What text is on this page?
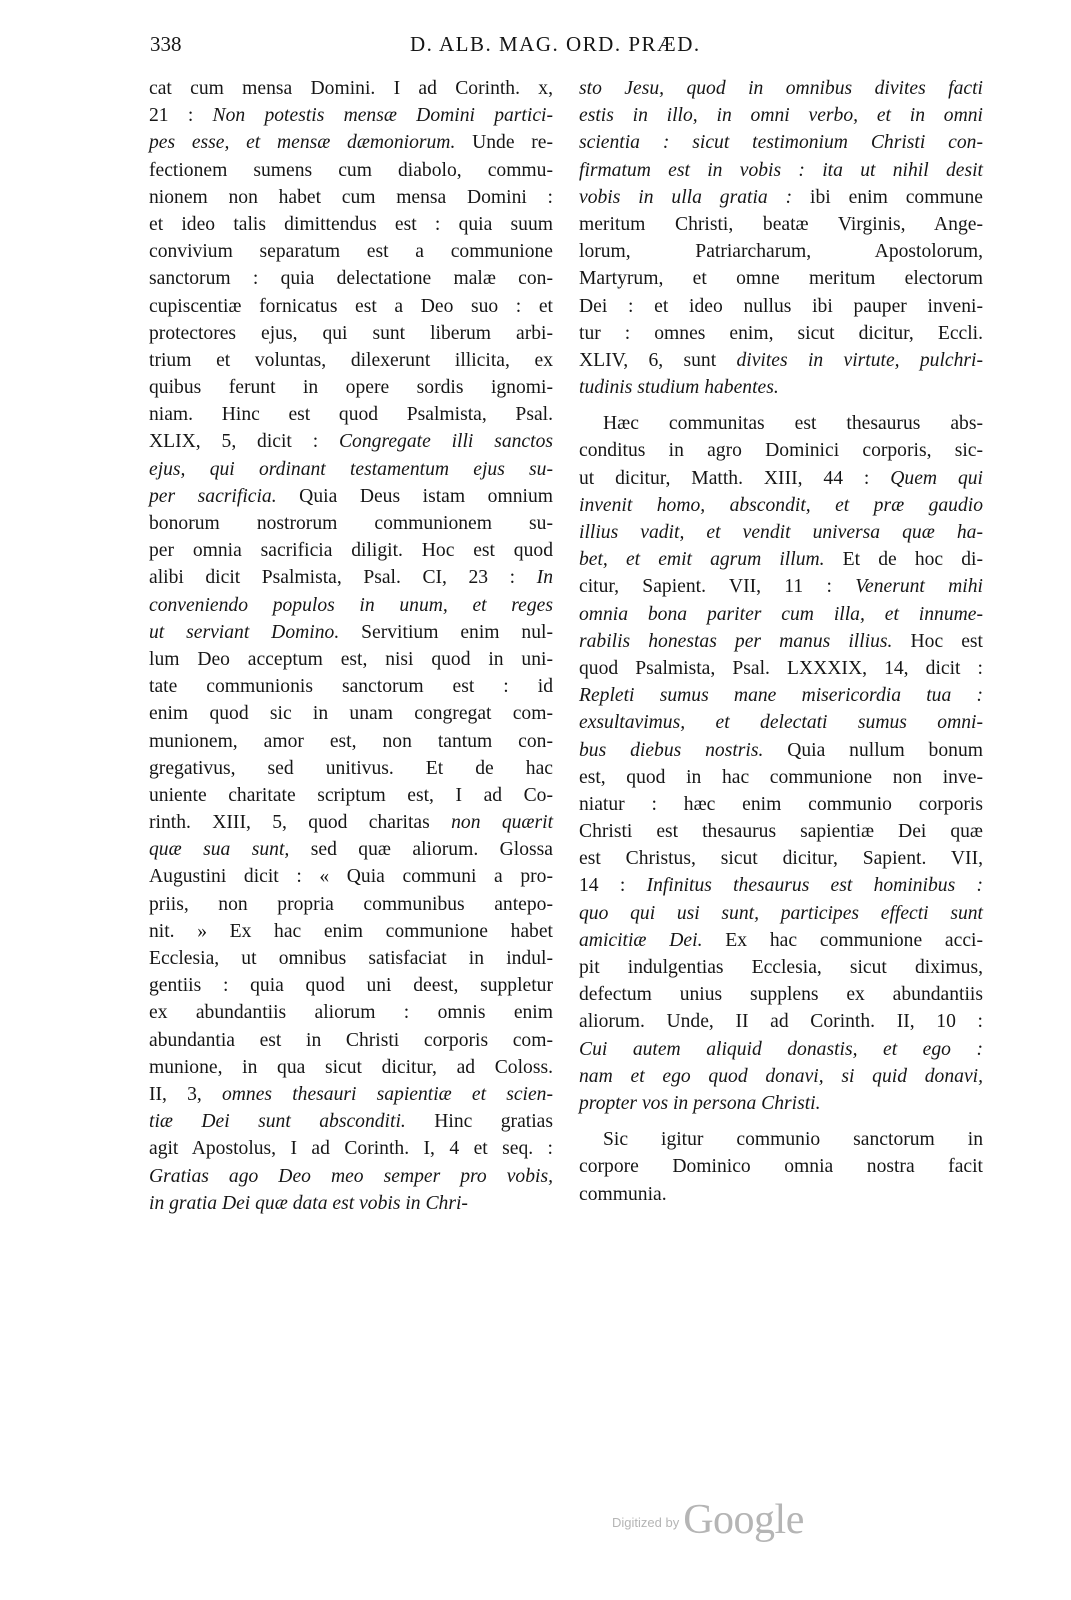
338	D. ALB. MAG. ORD. PRÆD.
cat cum mensa Domini. I ad Corinth. x,
21 : Non potestis mensæ Domini partici-
pes esse, et mensæ dæmoniorum. Unde re-
fectionem sumens cum diabolo, commu-
nionem non habet cum mensa Domini :
et ideo talis dimittendus est : quia suum
convivium separatum est a communione
sanctorum : quia delectatione malæ con-
cupiscentiæ fornicatus est a Deo suo : et
protectores ejus, qui sunt liberum arbi-
trium et voluntas, dilexerunt illicita, ex
quibus ferunt in opere sordis ignomi-
niam. Hinc est quod Psalmista, Psal.
XLIX, 5, dicit : Congregate illi sanctos
ejus, qui ordinant testamentum ejus su-
per sacrificia. Quia Deus istam omnium
bonorum nostrorum communionem su-
per omnia sacrificia diligit. Hoc est quod
alibi dicit Psalmista, Psal. CI, 23 : In
conveniendo populos in unum, et reges
ut serviant Domino. Servitium enim nul-
lum Deo acceptum est, nisi quod in uni-
tate communionis sanctorum est : id
enim quod sic in unam congregat com-
munionem, amor est, non tantum con-
gregativus, sed unitivus. Et de hac
uniente charitate scriptum est, I ad Co-
rinth. XIII, 5, quod charitas non quærit
quæ sua sunt, sed quæ aliorum. Glossa
Augustini dicit : « Quia communi a pro-
priis, non propria communibus antepo-
nit. » Ex hac enim communione habet
Ecclesia, ut omnibus satisfaciat in indul-
gentiis : quia quod uni deest, suppletur
ex abundantiis aliorum : omnis enim
abundantia est in Christi corporis com-
munione, in qua sicut dicitur, ad Coloss.
II, 3, omnes thesauri sapientiæ et scien-
tiæ Dei sunt absconditi. Hinc gratias
agit Apostolus, I ad Corinth. I, 4 et seq. :
Gratias ago Deo meo semper pro vobis,
in gratia Dei quæ data est vobis in Chri-
sto Jesu, quod in omnibus divites facti
estis in illo, in omni verbo, et in omni
scientia : sicut testimonium Christi con-
firmatum est in vobis : ita ut nihil desit
vobis in ulla gratia : ibi enim commune
meritum Christi, beatæ Virginis, Ange-
lorum, Patriarcharum, Apostolorum,
Martyrum, et omne meritum electorum
Dei : et ideo nullus ibi pauper inveni-
tur : omnes enim, sicut dicitur, Eccli.
XLIV, 6, sunt divites in virtute, pulchri-
tudinis studium habentes.
Hæc communitas est thesaurus abs-
conditus in agro Dominici corporis, sic-
ut dicitur, Matth. XIII, 44 : Quem qui
invenit homo, abscondit, et præ gaudio
illius vadit, et vendit universa quæ ha-
bet, et emit agrum illum. Et de hoc di-
citur, Sapient. VII, 11 : Venerunt mihi
omnia bona pariter cum illa, et innume-
rabilis honestas per manus illius. Hoc est
quod Psalmista, Psal. LXXXIX, 14, dicit :
Repleti sumus mane misericordia tua :
exsultavimus, et delectati sumus omni-
bus diebus nostris. Quia nullum bonum
est, quod in hac communione non inve-
niatur : hæc enim communio corporis
Christi est thesaurus sapientiæ Dei quæ
est Christus, sicut dicitur, Sapient. VII,
14 : Infinitus thesaurus est hominibus :
quo qui usi sunt, participes effecti sunt
amicitiæ Dei. Ex hac communione acci-
pit indulgentias Ecclesia, sicut diximus,
defectum unius supplens ex abundantiis
aliorum. Unde, II ad Corinth. II, 10 :
Cui autem aliquid donastis, et ego :
nam et ego quod donavi, si quid donavi,
propter vos in persona Christi.
Sic igitur communio sanctorum in
corpore Dominico omnia nostra facit
communia.
$^{Digitized by}$ Google
